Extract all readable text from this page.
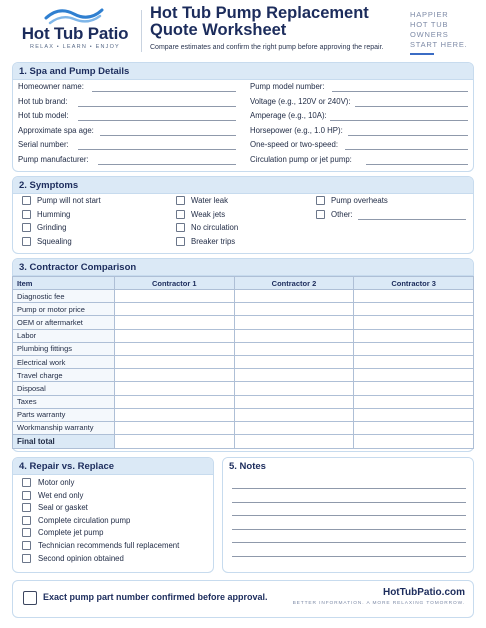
Hot Tub Patio
RELAX • LEARN • ENJOY
Hot Tub Pump Replacement
Quote Worksheet
Compare estimates and confirm the right pump before approving the repair.
HAPPIER
HOT TUB
OWNERS
START HERE.
1. Spa and Pump Details
Homeowner name:
Hot tub brand:
Hot tub model:
Approximate spa age:
Serial number:
Pump manufacturer:
Pump model number:
Voltage (e.g., 120V or 240V):
Amperage (e.g., 10A):
Horsepower (e.g., 1.0 HP):
One-speed or two-speed:
Circulation pump or jet pump:
2. Symptoms
Pump will not start
Humming
Grinding
Squealing
Water leak
Weak jets
No circulation
Breaker trips
Pump overheats
Other:
3. Contractor Comparison
Item	Contractor 1	Contractor 2	Contractor 3
Diagnostic fee			
Pump or motor price			
OEM or aftermarket			
Labor			
Plumbing fittings			
Electrical work			
Travel charge			
Disposal			
Taxes			
Parts warranty			
Workmanship warranty			
Final total			
4. Repair vs. Replace
Motor only
Wet end only
Seal or gasket
Complete circulation pump
Complete jet pump
Technician recommends full replacement
Second opinion obtained
5. Notes
Exact pump part number confirmed before approval.	HotTubPatio.com
BETTER INFORMATION. A MORE RELAXING TOMORROW.
